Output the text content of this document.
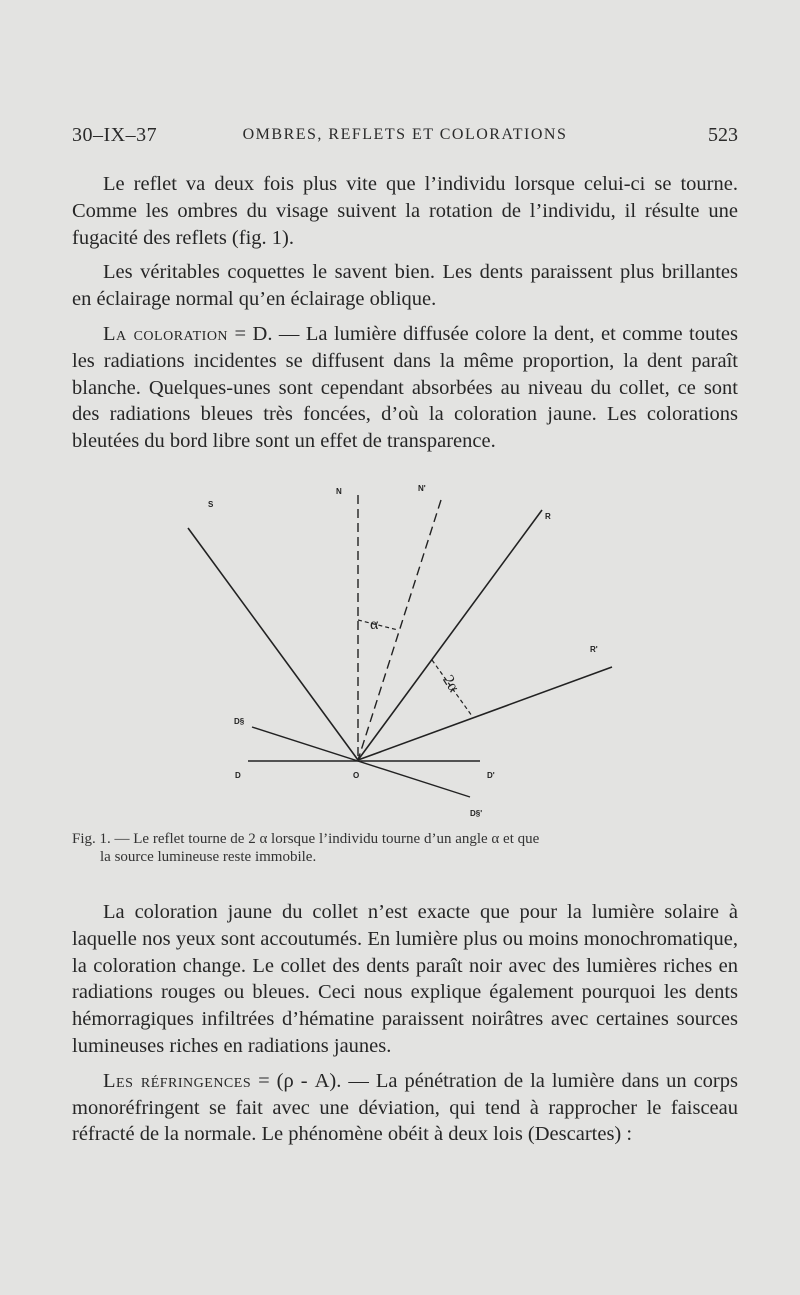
30–IX–37	OMBRES, REFLETS ET COLORATIONS	523

Le reflet va deux fois plus vite que l’individu lorsque celui-ci se tourne. Comme les ombres du visage suivent la rotation de l’individu, il résulte une fugacité des reflets (fig. 1).

Les véritables coquettes le savent bien. Les dents paraissent plus brillantes en éclairage normal qu’en éclairage oblique.

La coloration = D. — La lumière diffusée colore la dent, et comme toutes les radiations incidentes se diffusent dans la même proportion, la dent paraît blanche. Quelques-unes sont cependant absorbées au niveau du collet, ce sont des radiations bleues très foncées, d’où la coloration jaune. Les colorations bleutées du bord libre sont un effet de transparence.

S
N	N'
R
R'
D§
D	O	D'
D§'
α
2α
Fig. 1. — Le reflet tourne de 2 α lorsque l’individu tourne d’un angle α et que
la source lumineuse reste immobile.

La coloration jaune du collet n’est exacte que pour la lumière solaire à laquelle nos yeux sont accoutumés. En lumière plus ou moins monochromatique, la coloration change. Le collet des dents paraît noir avec des lumières riches en radiations rouges ou bleues. Ceci nous explique également pourquoi les dents hémorragiques infiltrées d’hématine paraissent noirâtres avec certaines sources lumineuses riches en radiations jaunes.

Les réfringences = (ρ - A). — La pénétration de la lumière dans un corps monoréfringent se fait avec une déviation, qui tend à rapprocher le faisceau réfracté de la normale. Le phénomène obéit à deux lois (Descartes) :
